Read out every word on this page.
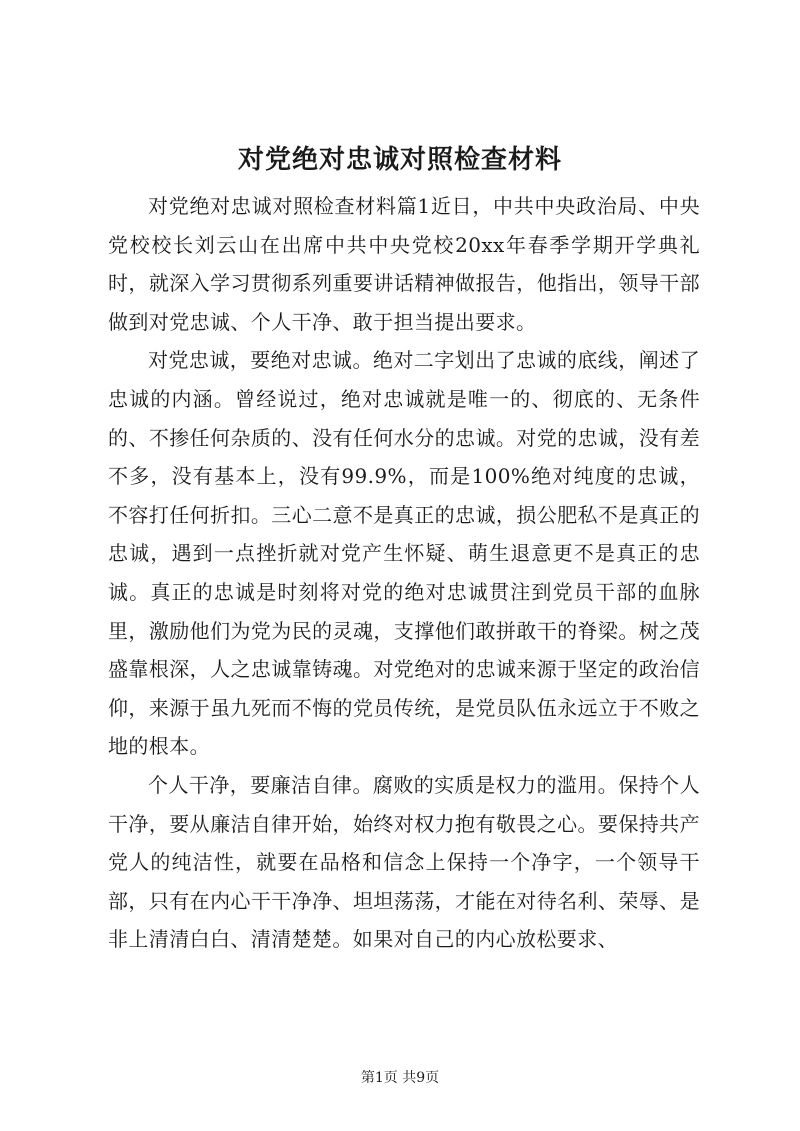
对党绝对忠诚对照检查材料

对党绝对忠诚对照检查材料篇1近日，中共中央政治局、中央党校校长刘云山在出席中共中央党校20xx年春季学期开学典礼时，就深入学习贯彻系列重要讲话精神做报告，他指出，领导干部做到对党忠诚、个人干净、敢于担当提出要求。

对党忠诚，要绝对忠诚。绝对二字划出了忠诚的底线，阐述了忠诚的内涵。曾经说过，绝对忠诚就是唯一的、彻底的、无条件的、不掺任何杂质的、没有任何水分的忠诚。对党的忠诚，没有差不多，没有基本上，没有99.9%，而是100%绝对纯度的忠诚，不容打任何折扣。三心二意不是真正的忠诚，损公肥私不是真正的忠诚，遇到一点挫折就对党产生怀疑、萌生退意更不是真正的忠诚。真正的忠诚是时刻将对党的绝对忠诚贯注到党员干部的血脉里，激励他们为党为民的灵魂，支撑他们敢拼敢干的脊梁。树之茂盛靠根深，人之忠诚靠铸魂。对党绝对的忠诚来源于坚定的政治信仰，来源于虽九死而不悔的党员传统，是党员队伍永远立于不败之地的根本。

个人干净，要廉洁自律。腐败的实质是权力的滥用。保持个人干净，要从廉洁自律开始，始终对权力抱有敬畏之心。要保持共产党人的纯洁性，就要在品格和信念上保持一个净字，一个领导干部，只有在内心干干净净、坦坦荡荡，才能在对待名利、荣辱、是非上清清白白、清清楚楚。如果对自己的内心放松要求、

第1页 共9页
